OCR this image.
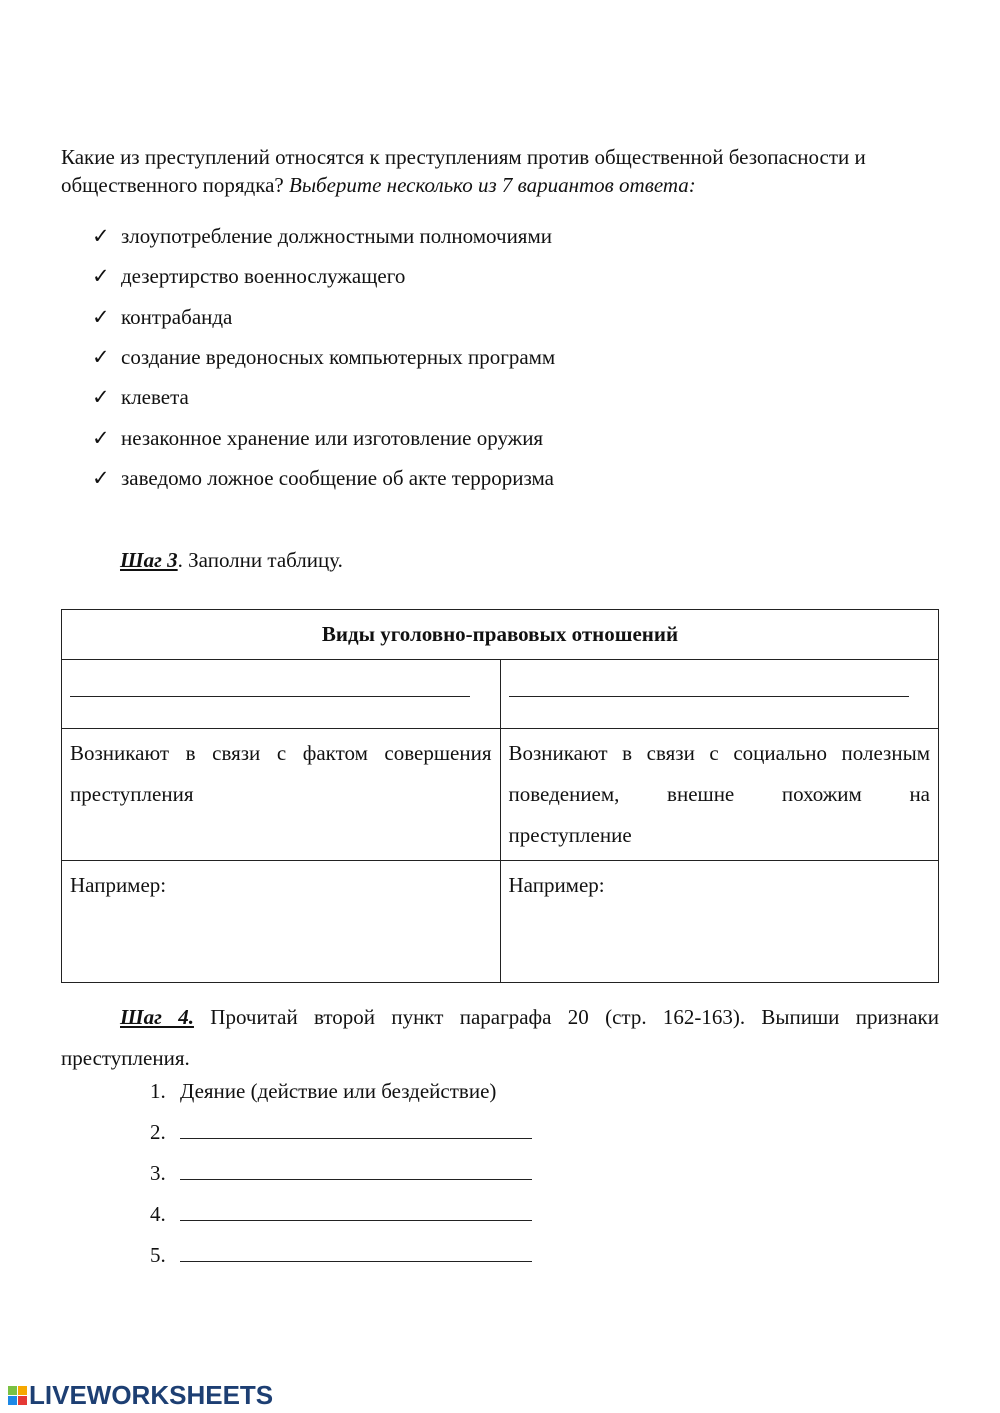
Какие из преступлений относятся к преступлениям против общественной безопасности и общественного порядка? Выберите несколько из 7 вариантов ответа:
✓ злоупотребление должностными полномочиями
✓ дезертирство военнослужащего
✓ контрабанда
✓ создание вредоносных компьютерных программ
✓ клевета
✓ незаконное хранение или изготовление оружия
✓ заведомо ложное сообщение об акте терроризма
Шаг 3. Заполни таблицу.
Виды уголовно-правовых отношений	

Возникают в связи с фактом совершения преступления	Возникают в связи с социально полезным поведением, внешне похожим на преступление

Например:	Например:
Шаг 4. Прочитай второй пункт параграфа 20 (стр. 162-163). Выпиши признаки преступления.
1. Деяние (действие или бездействие)
2.
3.
4.
5.
LIVEWORKSHEETS
